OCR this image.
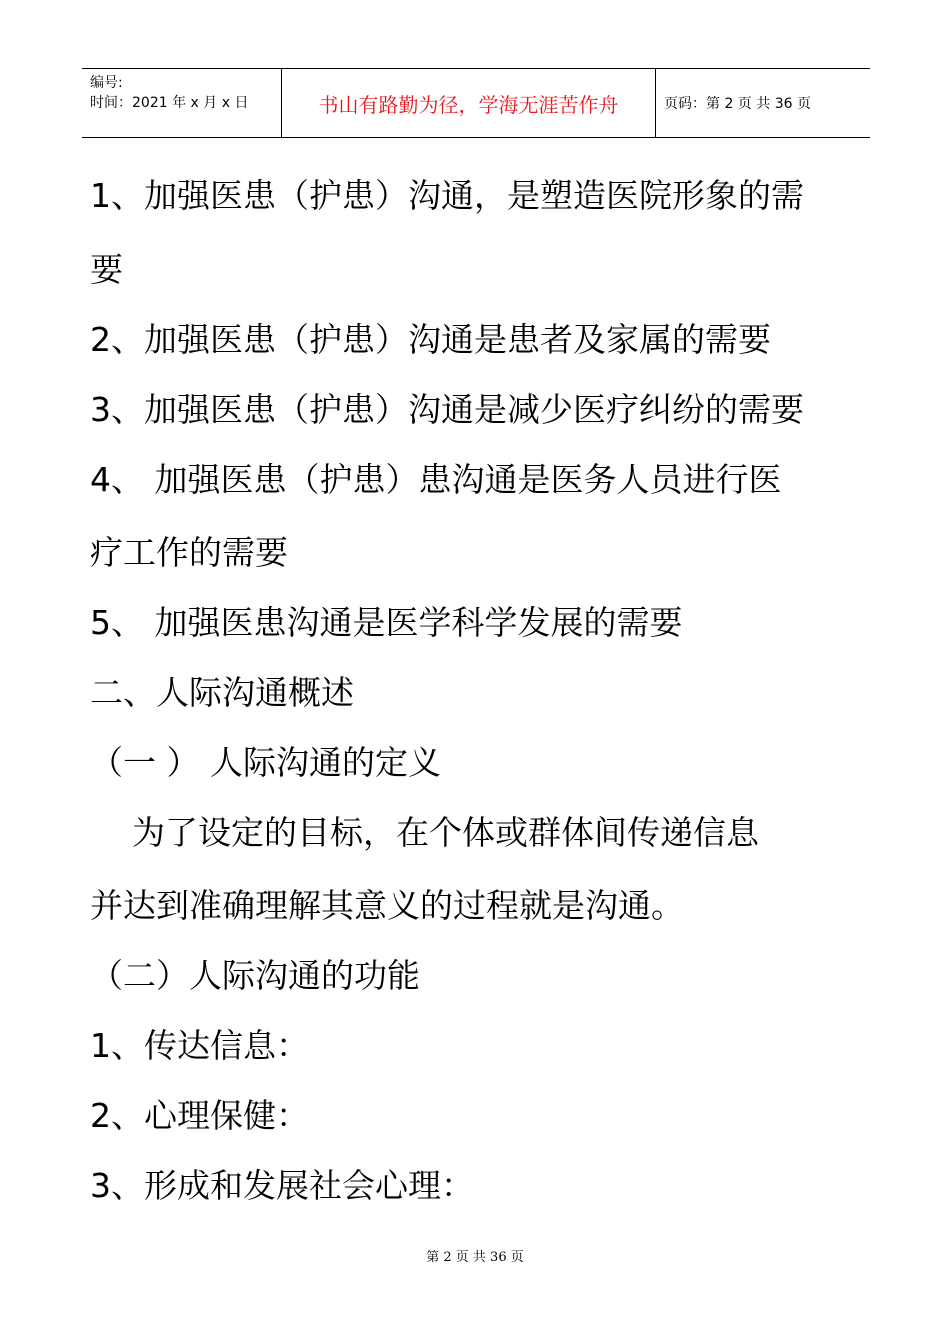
编号:
时间：2021 年 x 月 x 日	书山有路勤为径，学海无涯苦作舟	页码：第 2 页 共 36 页
1、加强医患（护患）沟通，是塑造医院形象的需
要
2、加强医患（护患）沟通是患者及家属的需要
3、加强医患（护患）沟通是减少医疗纠纷的需要
4、 加强医患（护患）患沟通是医务人员进行医
疗工作的需要
5、 加强医患沟通是医学科学发展的需要
二、人际沟通概述
（一 ） 人际沟通的定义
为了设定的目标，在个体或群体间传递信息
并达到准确理解其意义的过程就是沟通。
（二）人际沟通的功能
1、传达信息：
2、心理保健：
3、形成和发展社会心理：
第 2 页 共 36 页
